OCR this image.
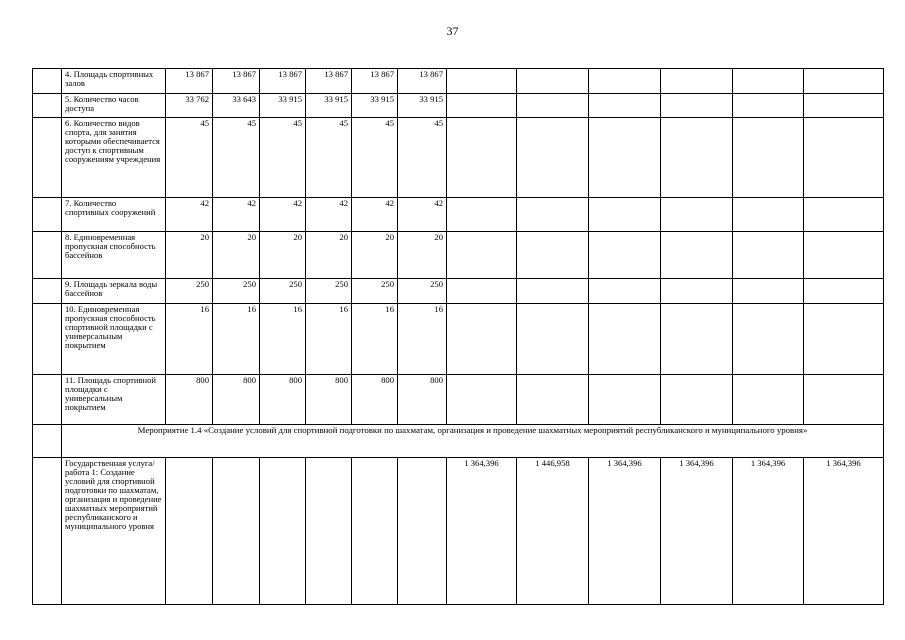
37
	4. Площадь спортивных залов	13 867	13 867	13 867	13 867	13 867	13 867						
	5. Количество часов доступа	33 762	33 643	33 915	33 915	33 915	33 915						
	6. Количество видов спорта, для занятия которыми обеспечивается доступ к спортивным сооружениям учреждения	45	45	45	45	45	45						
	7. Количество спортивных сооружений	42	42	42	42	42	42						
	8. Единовременная пропускная способность бассейнов	20	20	20	20	20	20						
	9. Площадь зеркала воды бассейнов	250	250	250	250	250	250						
	10. Единовременная пропускная способность спортивной площадки с универсальным покрытием	16	16	16	16	16	16						
	11. Площадь спортивной площадки с универсальным покрытием	800	800	800	800	800	800						
	Мероприятие 1.4 «Создание условий для спортивной подготовки по шахматам, организация и проведение шахматных мероприятий республиканского и муниципального уровня»												
	Государственная услуга/работа 1: Создание условий для спортивной подготовки по шахматам, организация и проведение шахматных мероприятий республиканского и муниципального уровня							1 364,396	1 446,958	1 364,396	1 364,396	1 364,396	1 364,396
